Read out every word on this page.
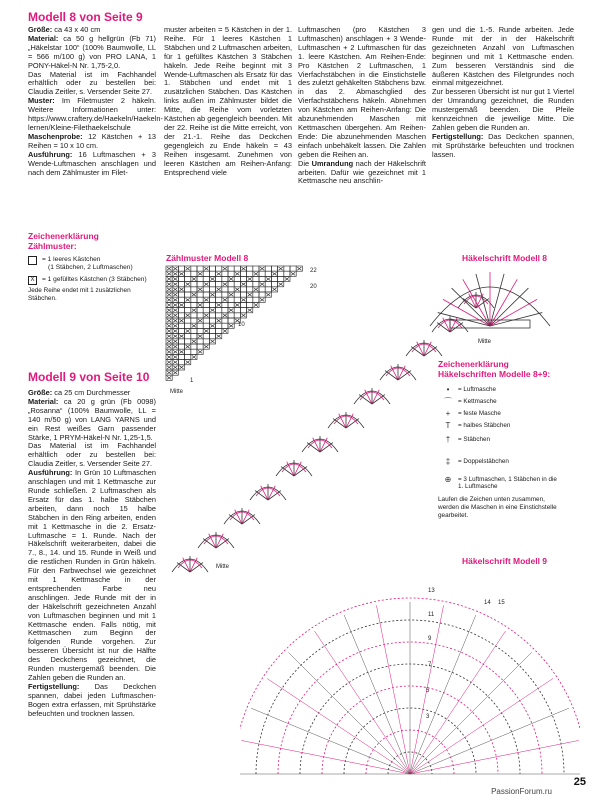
Modell 8 von Seite 9

Größe: ca 43 x 40 cm

Material: ca 50 g hellgrün (Fb 71) „Häkelstar 100“ (100% Baumwolle, LL = 566 m/100 g) von PRO LANA, 1 PONY-Häkel-N Nr. 1,75-2,0.

Das Material ist im Fachhandel erhältlich oder zu bestellen bei: Claudia Zeitler, s. Versender Seite 27.

Muster: Im Filetmuster 2 häkeln. Weitere Informationen unter: https://www.craftery.de/Haekeln/Haekeln-lernen/Kleine-Filethaekelschule

Maschenprobe: 12 Kästchen + 13 Reihen = 10 x 10 cm.

Ausführung: 16 Luftmaschen + 3 Wende-Luftmaschen anschlagen und nach dem Zählmuster im Filet-

muster arbeiten = 5 Kästchen in der 1. Reihe. Für 1 leeres Kästchen 1 Stäbchen und 2 Luftmaschen arbeiten, für 1 gefülltes Kästchen 3 Stäbchen häkeln. Jede Reihe beginnt mit 3 Wende-Luftmaschen als Ersatz für das 1. Stäbchen und endet mit 1 zusätzlichen Stäbchen. Das Kästchen links außen im Zählmuster bildet die Mitte, die Reihe vom vorletzten Kästchen ab gegengleich beenden. Mit der 22. Reihe ist die Mitte erreicht, von der 21.-1. Reihe das Deckchen gegengleich zu Ende häkeln = 43 Reihen insgesamt. Zunehmen von leeren Kästchen am Reihen-Anfang: Entsprechend viele

Luftmaschen (pro Kästchen 3 Luftmaschen) anschlagen + 3 Wende-Luftmaschen + 2 Luftmaschen für das 1. leere Kästchen. Am Reihen-Ende: Pro Kästchen 2 Luftmaschen, 1 Vierfachstäbchen in die Einstichstelle des zuletzt gehäkelten Stäbchens bzw. in das 2. Abmaschglied des Vierfachstäbchens häkeln. Abnehmen von Kästchen am Reihen-Anfang: Die abzunehmenden Maschen mit Kettmaschen übergehen. Am Reihen-Ende: Die abzunehmenden Maschen einfach unbehäkelt lassen. Die Zahlen geben die Reihen an.

Die Umrandung nach der Häkelschrift arbeiten. Dafür wie gezeichnet mit 1 Kettmasche neu anschlin-

gen und die 1.-5. Runde arbeiten. Jede Runde mit der in der Häkelschrift gezeichneten Anzahl von Luftmaschen beginnen und mit 1 Kettmasche enden. Zum besseren Verständnis sind die äußeren Kästchen des Filetgrundes noch einmal mitgezeichnet.

Zur besseren Übersicht ist nur gut 1 Viertel der Umrandung gezeichnet, die Runden mustergemäß beenden. Die Pfeile kennzeichnen die jeweilige Mitte. Die Zahlen geben die Runden an.

Fertigstellung: Das Deckchen spannen, mit Sprühstärke befeuchten und trocknen lassen.

Zeichenerklärung
Zählmuster:
= 1 leeres Kästchen
(1 Stäbchen, 2 Luftmaschen)
X	= 1 gefülltes Kästchen (3 Stäbchen)
Jede Reihe endet mit 1 zusätzlichen Stäbchen.
Zählmuster Modell 8
22
20
10
1
Mitte
Häkelschrift Modell 8
Mitte
Mitte
Zeichenerklärung
Häkelschriften Modelle 8+9:
•	= Luftmasche
⌒ = Kettmasche
+	= feste Masche
T	= halbes Stäbchen
†	= Stäbchen
‡	= Doppelstäbchen
⊕	= 3 Luftmaschen, 1 Stäbchen in die 1. Luftmasche
Laufen die Zeichen unten zusammen, werden die Maschen in eine Einstichstelle gearbeitet.
Modell 9 von Seite 10

Größe: ca 25 cm Durchmesser

Material: ca 20 g grün (Fb 0098) „Rosanna“ (100% Baumwolle, LL = 140 m/50 g) von LANG YARNS und ein Rest weißes Garn passender Stärke, 1 PRYM-Häkel-N Nr. 1,25-1,5.

Das Material ist im Fachhandel erhältlich oder zu bestellen bei: Claudia Zeitler, s. Versender Seite 27.

Ausführung: In Grün 10 Luftmaschen anschlagen und mit 1 Kettmasche zur Runde schließen. 2 Luftmaschen als Ersatz für das 1. halbe Stäbchen arbeiten, dann noch 15 halbe Stäbchen in den Ring arbeiten, enden mit 1 Kettmasche in die 2. Ersatz-Luftmasche = 1. Runde. Nach der Häkelschrift weiterarbeiten, dabei die 7., 8., 14. und 15. Runde in Weiß und die restlichen Runden in Grün häkeln. Für den Farbwechsel wie gezeichnet mit 1 Kettmasche in der entsprechenden Farbe neu anschlingen. Jede Runde mit der in der Häkelschrift gezeichneten Anzahl von Luftmaschen beginnen und mit 1 Kettmasche enden. Falls nötig, mit Kettmaschen zum Beginn der folgenden Runde vorgehen. Zur besseren Übersicht ist nur die Hälfte des Deckchens gezeichnet, die Runden mustergemäß beenden. Die Zahlen geben die Runden an.

Fertigstellung: Das Deckchen spannen, dabei jeden Luftmaschen-Bogen extra erfassen, mit Sprühstärke befeuchten und trocknen lassen.

Häkelschrift Modell 9
13
11
9
7
5
3
14 15
PassionForum.ru
25
